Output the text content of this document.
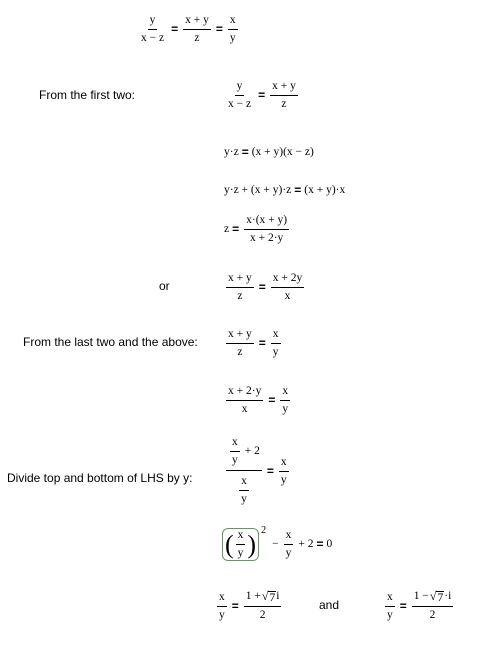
$\frac{y}{x - z} = \frac{x + y}{z} = \frac{x}{y}$
From the first two:	$\frac{y}{x - z} = \frac{x + y}{z}$
y·z = (x + y)(x − z)
y·z + (x + y)·z = (x + y)·x
$z = \frac{x\cdot(x + y)}{x + 2\cdot y}$
or	$\frac{x + y}{z} = \frac{x + 2y}{x}$
From the last two and the above: $\frac{x + y}{z} = \frac{x}{y}$
$\frac{x + 2\cdot y}{x} = \frac{x}{y}$
Divide top and bottom of LHS by y:	$\frac{\frac{x}{y} + 2}{\frac{x}{y}} = \frac{x}{y}$
( $\frac{x}{y}$ ) 2
− $\frac{x}{y} + 2 = 0$
$\frac{x}{y} = \frac{1 + √ 7 i}{2}$	and	$\frac{x}{y} = \frac{1 - √ 7 \cdot i}{2}$
